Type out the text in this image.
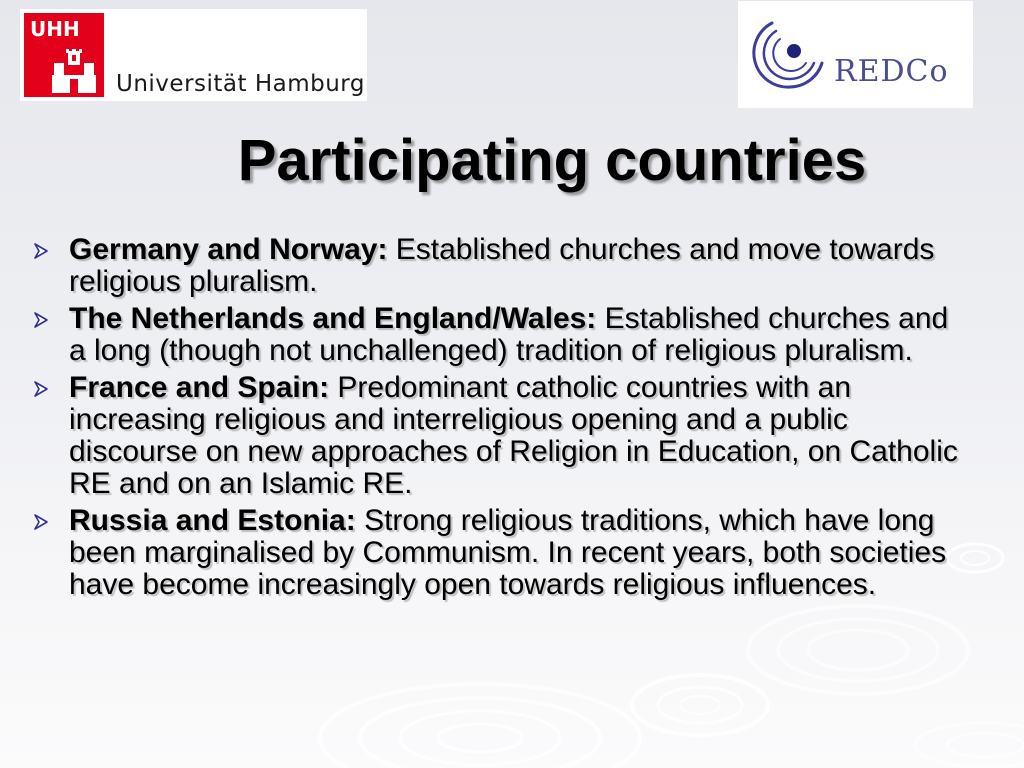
UHH
Universität Hamburg	REDCo
Participating countries
Germany and Norway: Established churches and move towards religious pluralism.
The Netherlands and England/Wales: Established churches and a long (though not unchallenged) tradition of religious pluralism.
France and Spain: Predominant catholic countries with an increasing religious and interreligious opening and a public discourse on new approaches of Religion in Education, on Catholic RE and on an Islamic RE.
Russia and Estonia: Strong religious traditions, which have long been marginalised by Communism. In recent years, both societies have become increasingly open towards religious influences.
